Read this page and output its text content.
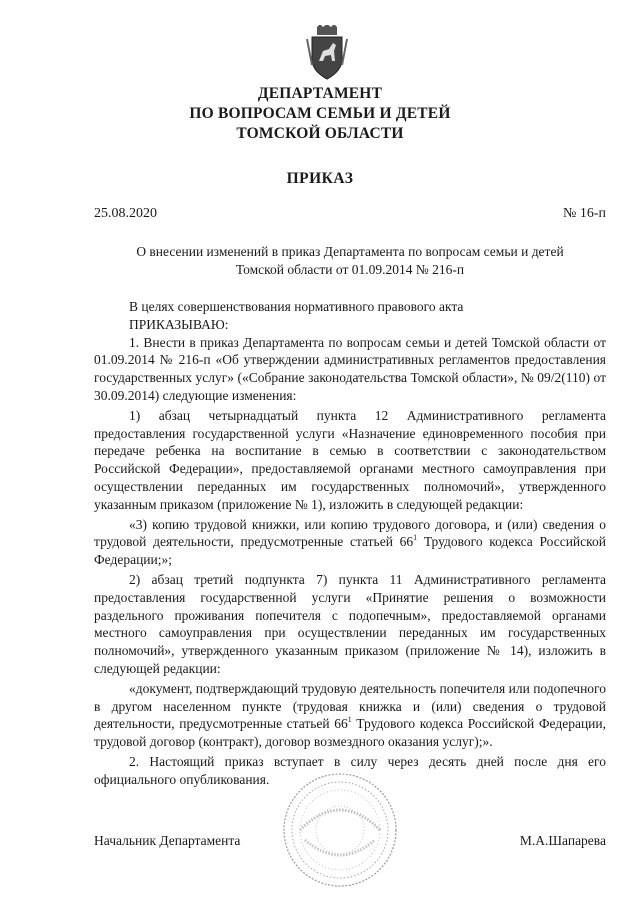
ДЕПАРТАМЕНТ
ПО ВОПРОСАМ СЕМЬИ И ДЕТЕЙ
ТОМСКОЙ ОБЛАСТИ
ПРИКАЗ
25.08.2020	№ 16-п
О внесении изменений в приказ Департамента по вопросам семьи и детей
Томской области от 01.09.2014 № 216-п

В целях совершенствования нормативного правового акта

ПРИКАЗЫВАЮ:

1. Внести в приказ Департамента по вопросам семьи и детей Томской области от 01.09.2014 № 216-п «Об утверждении административных регламентов предоставления государственных услуг» («Собрание законодательства Томской области», № 09/2(110) от 30.09.2014) следующие изменения:

1) абзац четырнадцатый пункта 12 Административного регламента предоставления государственной услуги «Назначение единовременного пособия при передаче ребенка на воспитание в семью в соответствии с законодательством Российской Федерации», предоставляемой органами местного самоуправления при осуществлении переданных им государственных полномочий», утвержденного указанным приказом (приложение № 1), изложить в следующей редакции:

«3) копию трудовой книжки, или копию трудового договора, и (или) сведения о трудовой деятельности, предусмотренные статьей $66^1$ Трудового кодекса Российской Федерации;»;

2) абзац третий подпункта 7) пункта 11 Административного регламента предоставления государственной услуги «Принятие решения о возможности раздельного проживания попечителя с подопечным», предоставляемой органами местного самоуправления при осуществлении переданных им государственных полномочий», утвержденного указанным приказом (приложение № 14), изложить в следующей редакции:

«документ, подтверждающий трудовую деятельность попечителя или подопечного в другом населенном пункте (трудовая книжка и (или) сведения о трудовой деятельности, предусмотренные статьей $66^1$ Трудового кодекса Российской Федерации, трудовой договор (контракт), договор возмездного оказания услуг);».

2. Настоящий приказ вступает в силу через десять дней после дня его официального опубликования.

Начальник Департамента	М.А.Шапарева
